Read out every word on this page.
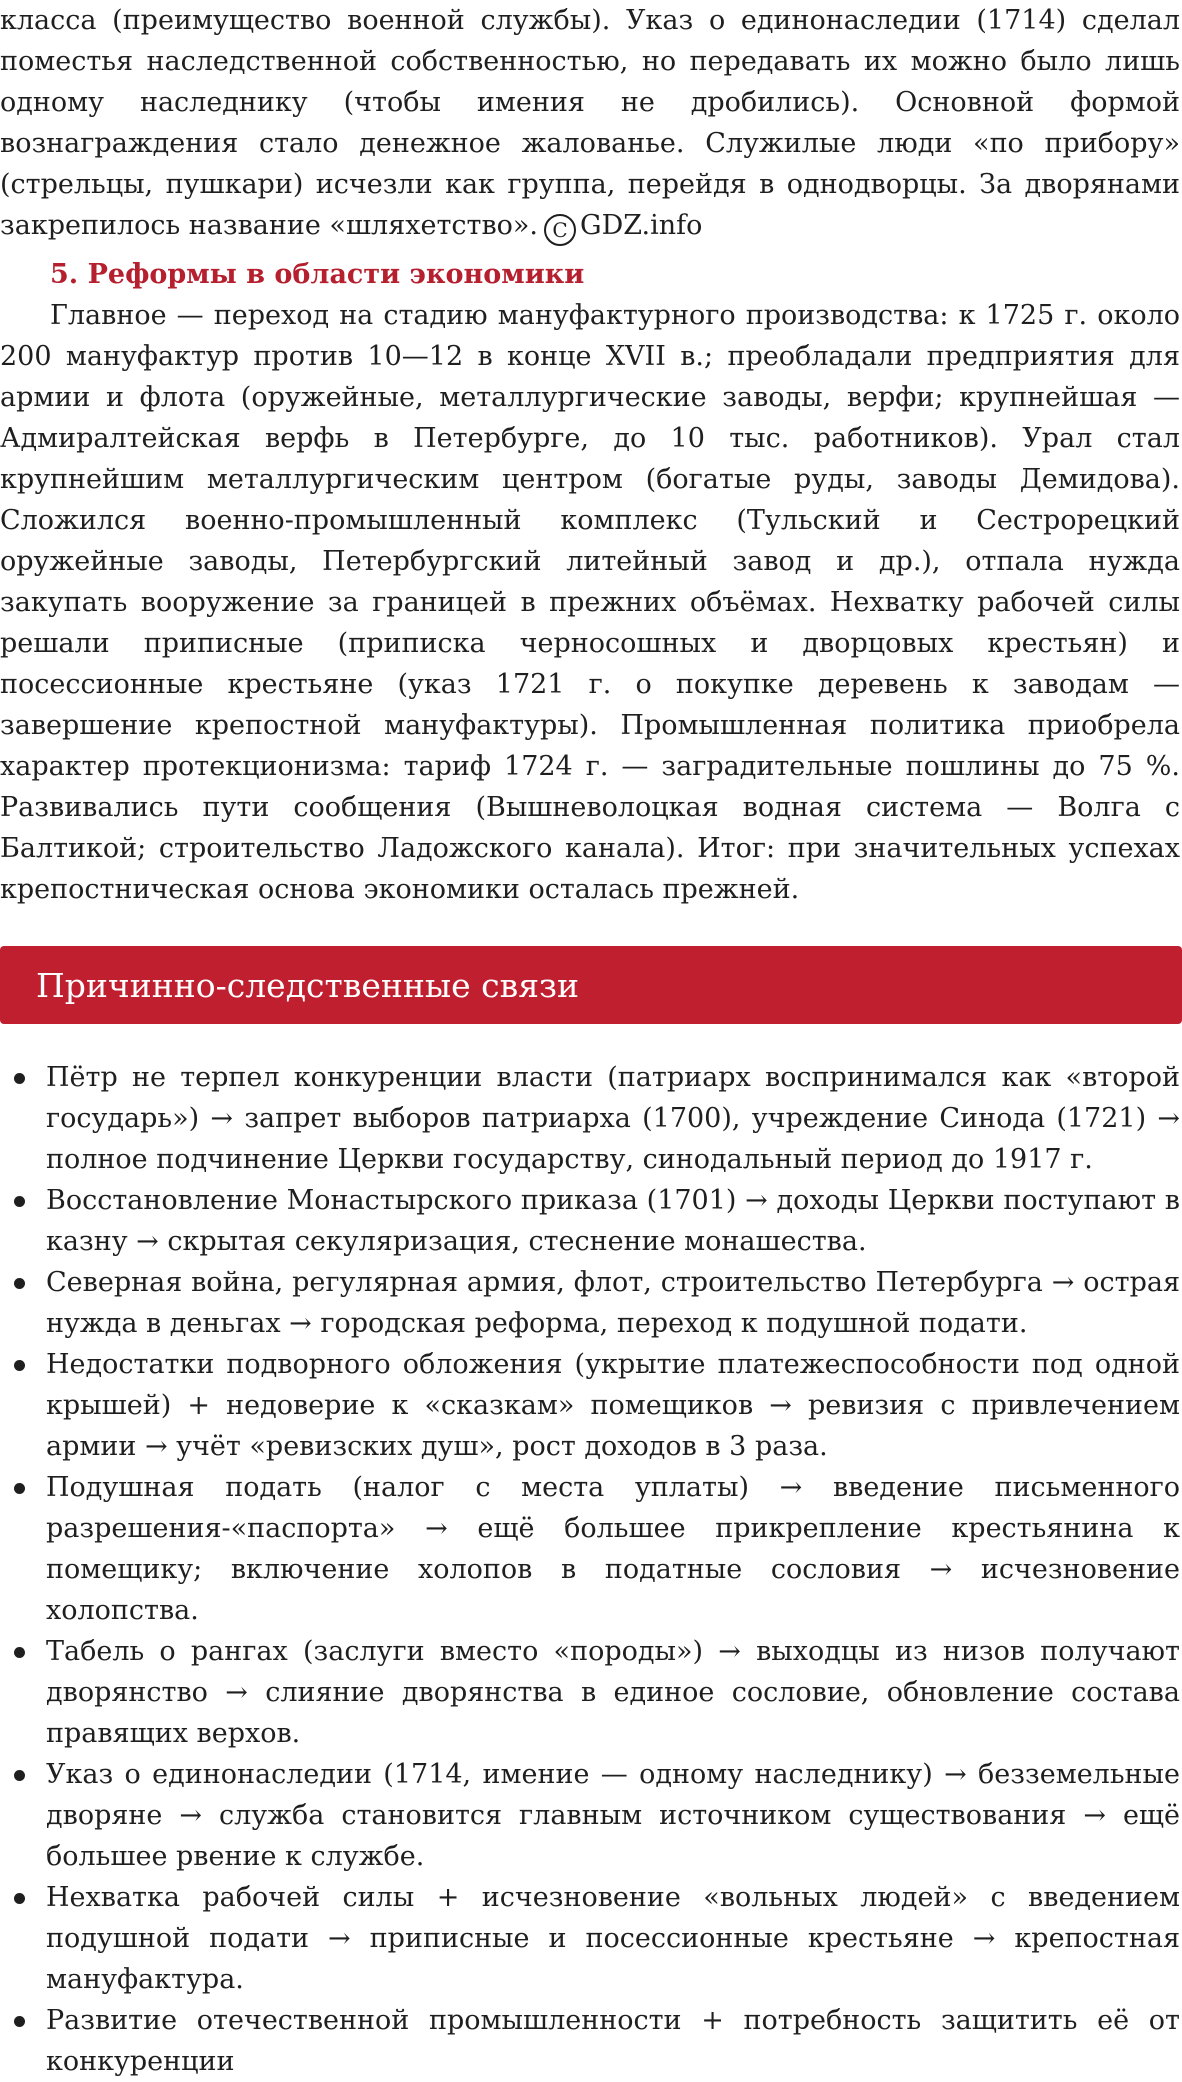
класса (преимущество военной службы). Указ о единонаследии (1714) сделал поместья наследственной собственностью, но передавать их можно было лишь одному наследнику (чтобы имения не дробились). Основной формой вознаграждения стало денежное жалованье. Служилые люди «по прибору» (стрельцы, пушкари) исчезли как группа, перейдя в однодворцы. За дворянами закрепилось название «шляхетство». C GDZ.info

5. Реформы в области экономики

Главное — переход на стадию мануфактурного производства: к 1725 г. около 200 мануфактур против 10—12 в конце XVII в.; преобладали предприятия для армии и флота (оружейные, металлургические заводы, верфи; крупнейшая — Адмиралтейская верфь в Петербурге, до 10 тыс. работников). Урал стал крупнейшим металлургическим центром (богатые руды, заводы Демидова). Сложился военно-промышленный комплекс (Тульский и Сестрорецкий оружейные заводы, Петербургский литейный завод и др.), отпала нужда закупать вооружение за границей в прежних объёмах. Нехватку рабочей силы решали приписные (приписка черносошных и дворцовых крестьян) и посессионные крестьяне (указ 1721 г. о покупке деревень к заводам — завершение крепостной мануфактуры). Промышленная политика приобрела характер протекционизма: тариф 1724 г. — заградительные пошлины до 75 %. Развивались пути сообщения (Вышневолоцкая водная система — Волга с Балтикой; строительство Ладожского канала). Итог: при значительных успехах крепостническая основа экономики осталась прежней.

Причинно-следственные связи
Пётр не терпел конкуренции власти (патриарх воспринимался как «второй государь») → запрет выборов патриарха (1700), учреждение Синода (1721) → полное подчинение Церкви государству, синодальный период до 1917 г.
Восстановление Монастырского приказа (1701) → доходы Церкви поступают в казну → скрытая секуляризация, стеснение монашества.
Северная война, регулярная армия, флот, строительство Петербурга → острая нужда в деньгах → городская реформа, переход к подушной подати.
Недостатки подворного обложения (укрытие платежеспособности под одной крышей) + недоверие к «сказкам» помещиков → ревизия с привлечением армии → учёт «ревизских душ», рост доходов в 3 раза.
Подушная подать (налог с места уплаты) → введение письменного разрешения-«паспорта» → ещё большее прикрепление крестьянина к помещику; включение холопов в податные сословия → исчезновение холопства.
Табель о рангах (заслуги вместо «породы») → выходцы из низов получают дворянство → слияние дворянства в единое сословие, обновление состава правящих верхов.
Указ о единонаследии (1714, имение — одному наследнику) → безземельные дворяне → служба становится главным источником существования → ещё большее рвение к службе.
Нехватка рабочей силы + исчезновение «вольных людей» с введением подушной подати → приписные и посессионные крестьяне → крепостная мануфактура.
Развитие отечественной промышленности + потребность защитить её от конкуренции
